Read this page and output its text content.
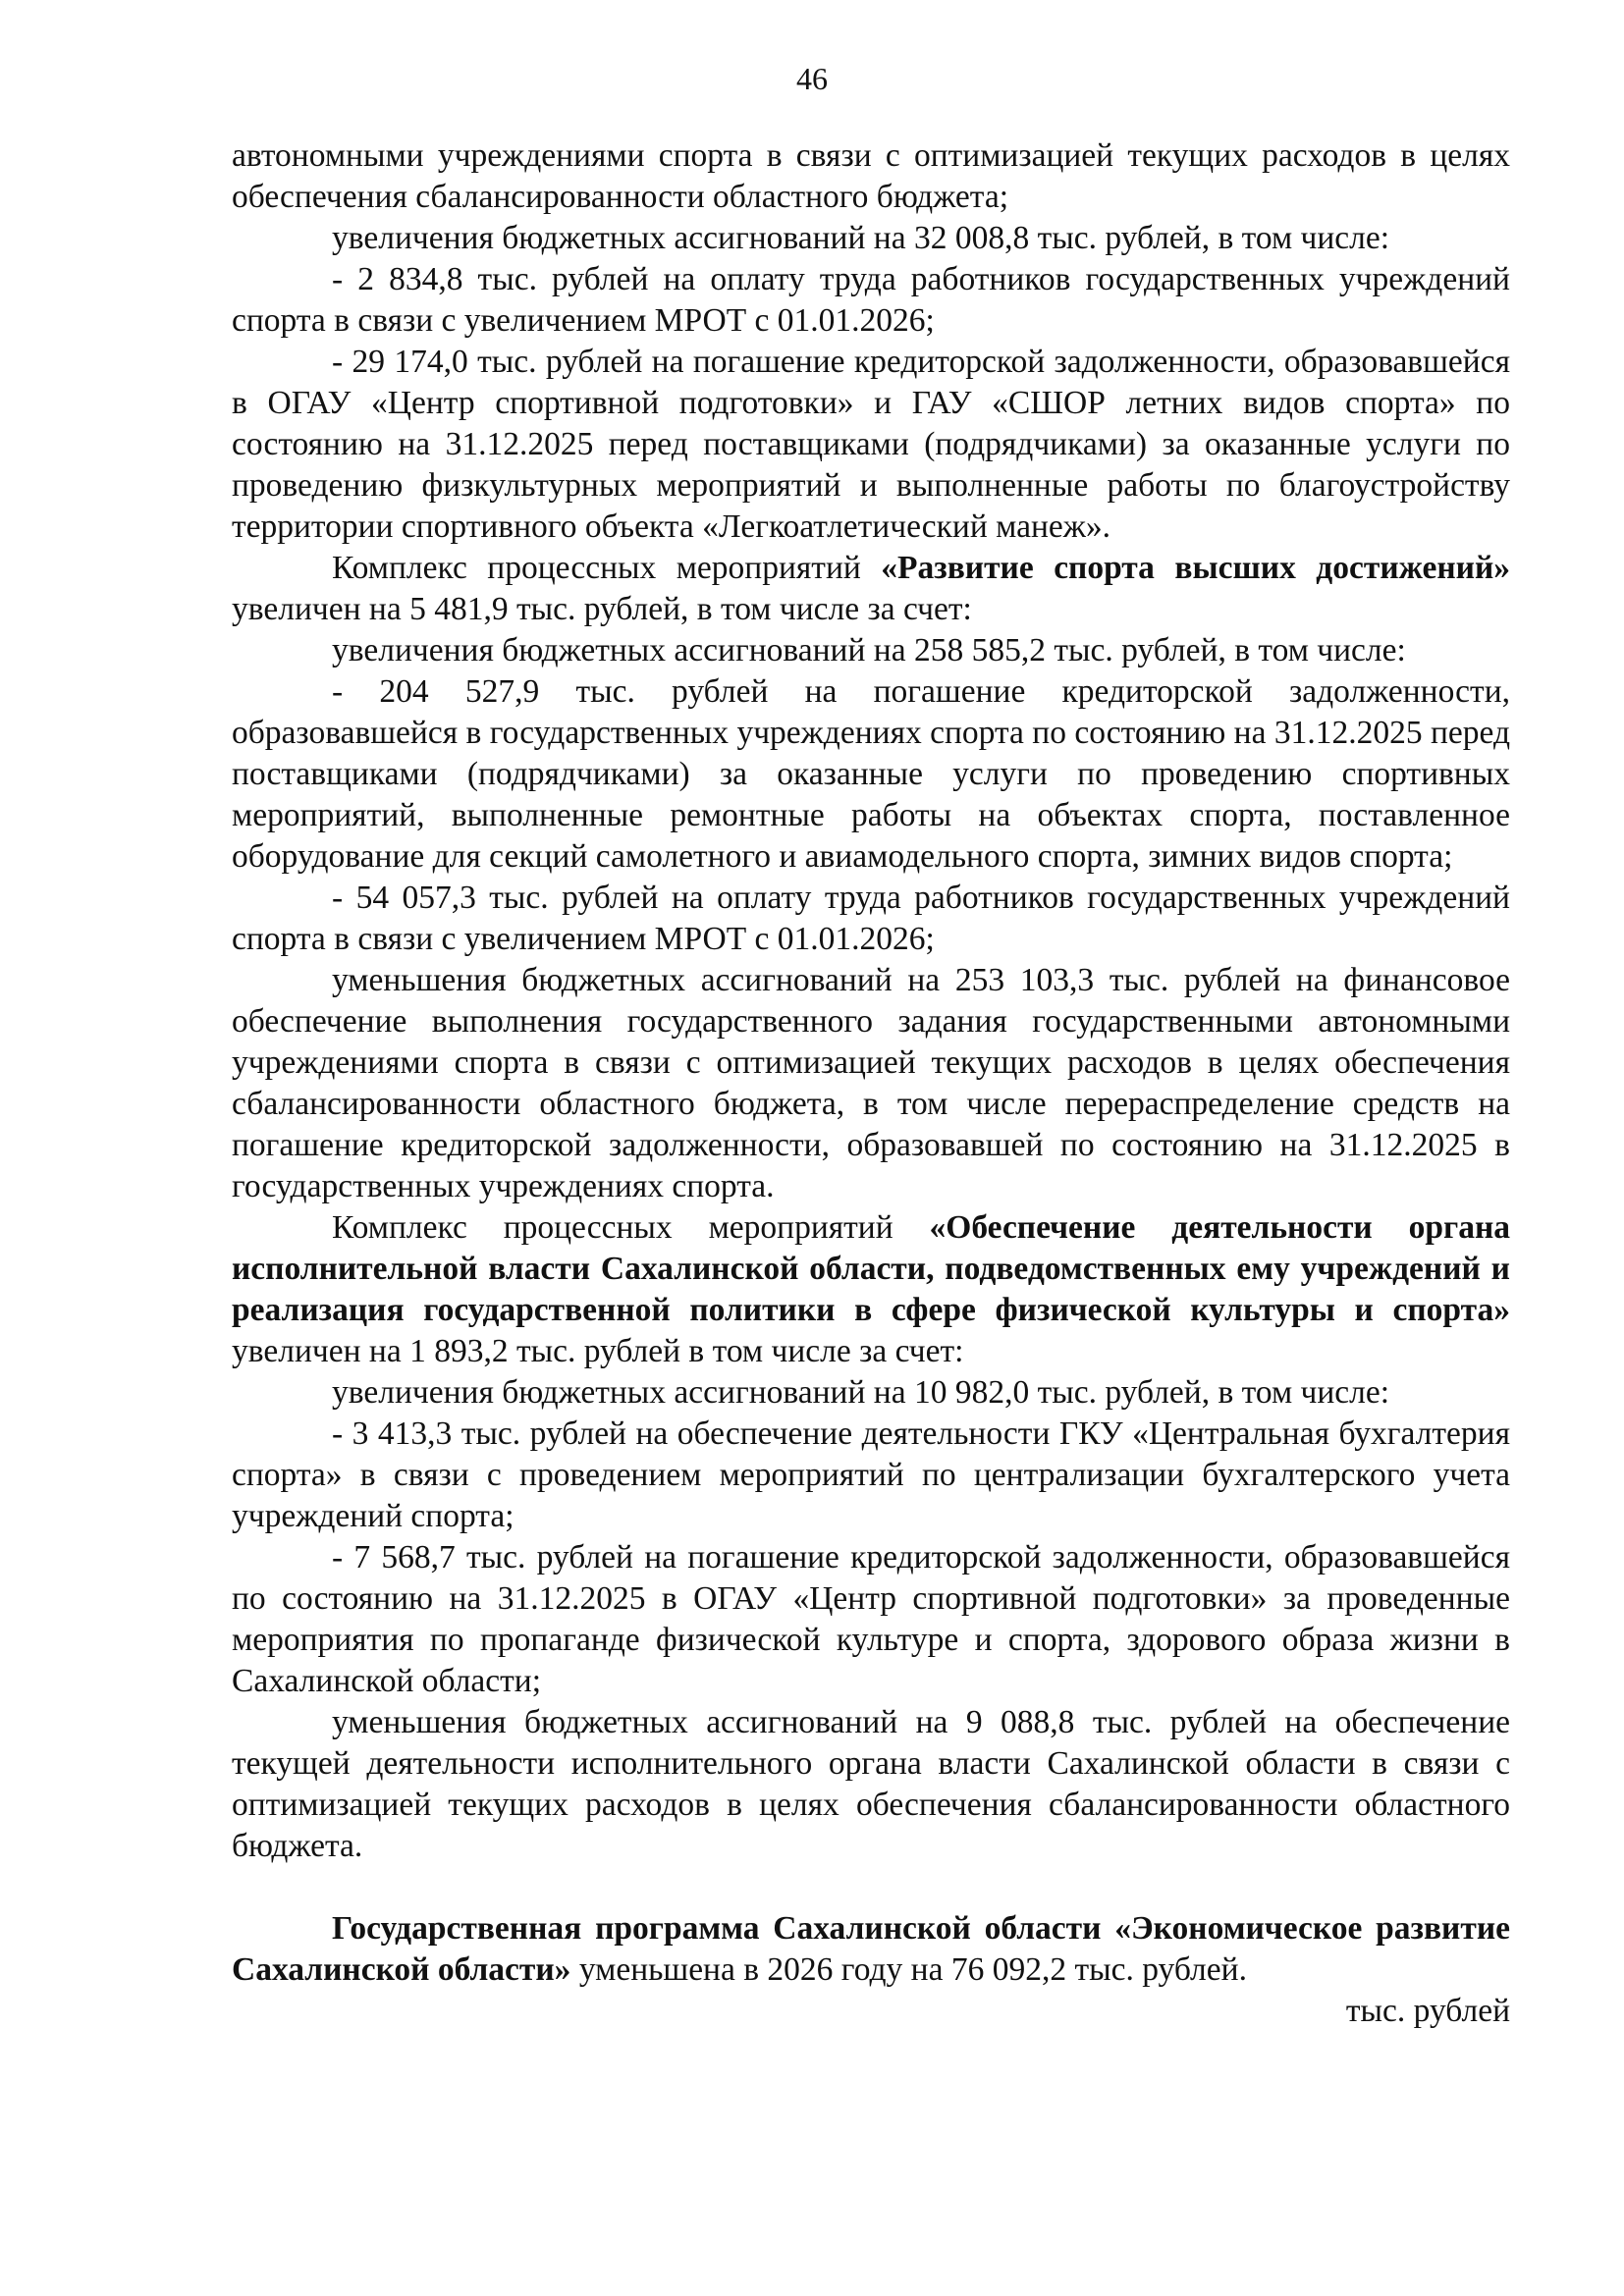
46

автономными учреждениями спорта в связи с оптимизацией текущих расходов в целях обеспечения сбалансированности областного бюджета;

увеличения бюджетных ассигнований на 32 008,8 тыс. рублей, в том числе:

- 2 834,8 тыс. рублей на оплату труда работников государственных учреждений спорта в связи с увеличением МРОТ с 01.01.2026;

- 29 174,0 тыс. рублей на погашение кредиторской задолженности, образовавшейся в ОГАУ «Центр спортивной подготовки» и ГАУ «СШОР летних видов спорта» по состоянию на 31.12.2025 перед поставщиками (подрядчиками) за оказанные услуги по проведению физкультурных мероприятий и выполненные работы по благоустройству территории спортивного объекта «Легкоатлетический манеж».

Комплекс процессных мероприятий «Развитие спорта высших достижений» увеличен на 5 481,9 тыс. рублей, в том числе за счет:

увеличения бюджетных ассигнований на 258 585,2 тыс. рублей, в том числе:

- 204 527,9 тыс. рублей на погашение кредиторской задолженности, образовавшейся в государственных учреждениях спорта по состоянию на 31.12.2025 перед поставщиками (подрядчиками) за оказанные услуги по проведению спортивных мероприятий, выполненные ремонтные работы на объектах спорта, поставленное оборудование для секций самолетного и авиамодельного спорта, зимних видов спорта;

- 54 057,3 тыс. рублей на оплату труда работников государственных учреждений спорта в связи с увеличением МРОТ с 01.01.2026;

уменьшения бюджетных ассигнований на 253 103,3 тыс. рублей на финансовое обеспечение выполнения государственного задания государственными автономными учреждениями спорта в связи с оптимизацией текущих расходов в целях обеспечения сбалансированности областного бюджета, в том числе перераспределение средств на погашение кредиторской задолженности, образовавшей по состоянию на 31.12.2025 в государственных учреждениях спорта.

Комплекс процессных мероприятий «Обеспечение деятельности органа исполнительной власти Сахалинской области, подведомственных ему учреждений и реализация государственной политики в сфере физической культуры и спорта» увеличен на 1 893,2 тыс. рублей в том числе за счет:

увеличения бюджетных ассигнований на 10 982,0 тыс. рублей, в том числе:

- 3 413,3 тыс. рублей на обеспечение деятельности ГКУ «Центральная бухгалтерия спорта» в связи с проведением мероприятий по централизации бухгалтерского учета учреждений спорта;

- 7 568,7 тыс. рублей на погашение кредиторской задолженности, образовавшейся по состоянию на 31.12.2025 в ОГАУ «Центр спортивной подготовки» за проведенные мероприятия по пропаганде физической культуре и спорта, здорового образа жизни в Сахалинской области;

уменьшения бюджетных ассигнований на 9 088,8 тыс. рублей на обеспечение текущей деятельности исполнительного органа власти Сахалинской области в связи с оптимизацией текущих расходов в целях обеспечения сбалансированности областного бюджета.

Государственная программа Сахалинской области «Экономическое развитие Сахалинской области» уменьшена в 2026 году на 76 092,2 тыс. рублей.

тыс. рублей
